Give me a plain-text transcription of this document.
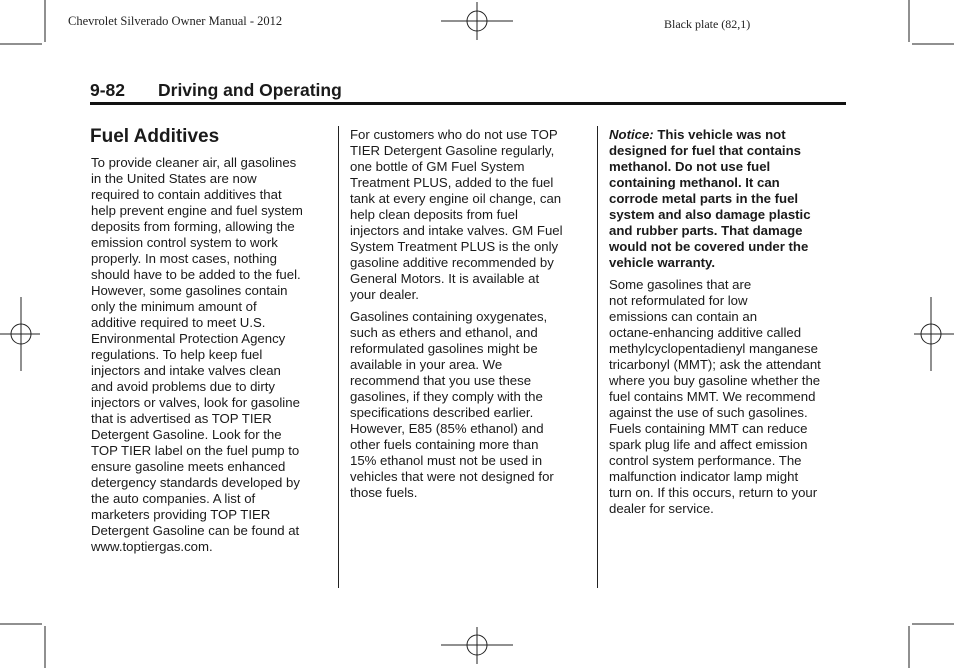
Chevrolet Silverado Owner Manual - 2012	Black plate (82,1)
9-82 Driving and Operating
Fuel Additives

To provide cleaner air, all gasolines
in the United States are now
required to contain additives that
help prevent engine and fuel system
deposits from forming, allowing the
emission control system to work
properly. In most cases, nothing
should have to be added to the fuel.
However, some gasolines contain
only the minimum amount of
additive required to meet U.S.
Environmental Protection Agency
regulations. To help keep fuel
injectors and intake valves clean
and avoid problems due to dirty
injectors or valves, look for gasoline
that is advertised as TOP TIER
Detergent Gasoline. Look for the
TOP TIER label on the fuel pump to
ensure gasoline meets enhanced
detergency standards developed by
the auto companies. A list of
marketers providing TOP TIER
Detergent Gasoline can be found at
www.toptiergas.com.

For customers who do not use TOP
TIER Detergent Gasoline regularly,
one bottle of GM Fuel System
Treatment PLUS, added to the fuel
tank at every engine oil change, can
help clean deposits from fuel
injectors and intake valves. GM Fuel
System Treatment PLUS is the only
gasoline additive recommended by
General Motors. It is available at
your dealer.

Gasolines containing oxygenates,
such as ethers and ethanol, and
reformulated gasolines might be
available in your area. We
recommend that you use these
gasolines, if they comply with the
specifications described earlier.
However, E85 (85% ethanol) and
other fuels containing more than
15% ethanol must not be used in
vehicles that were not designed for
those fuels.

Notice: This vehicle was not
designed for fuel that contains
methanol. Do not use fuel
containing methanol. It can
corrode metal parts in the fuel
system and also damage plastic
and rubber parts. That damage
would not be covered under the
vehicle warranty.

Some gasolines that are
not reformulated for low
emissions can contain an
octane-enhancing additive called
methylcyclopentadienyl manganese
tricarbonyl (MMT); ask the attendant
where you buy gasoline whether the
fuel contains MMT. We recommend
against the use of such gasolines.
Fuels containing MMT can reduce
spark plug life and affect emission
control system performance. The
malfunction indicator lamp might
turn on. If this occurs, return to your
dealer for service.
